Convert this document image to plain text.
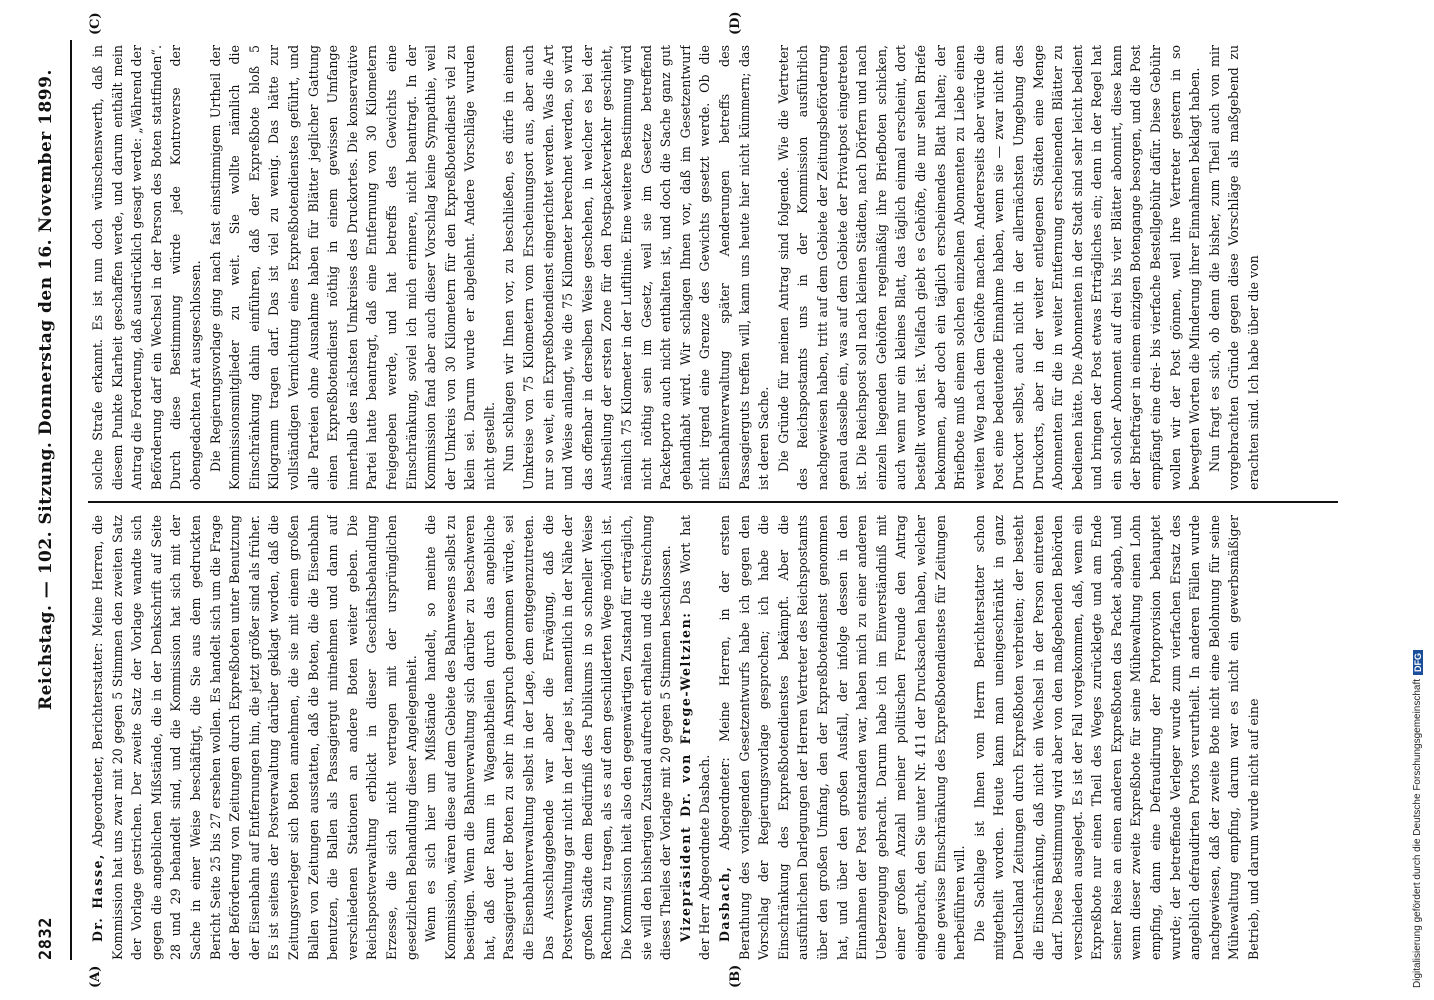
2832
Reichstag. — 102. Sitzung. Donnerstag den 16. November 1899.
(A)	(B)
(C)	(D)

Dr. Hasse, Abgeordneter, Berichterstatter: Meine Herren, die Kommission hat uns zwar mit 20 gegen 5 Stimmen den zweiten Satz der Vorlage gestrichen. Der zweite Satz der Vorlage wandte sich gegen die angeblichen Mißstände, die in der Denkschrift auf Seite 28 und 29 behandelt sind, und die Kommission hat sich mit der Sache in einer Weise beschäftigt, die Sie aus dem gedruckten Bericht Seite 25 bis 27 ersehen wollen. Es handelt sich um die Frage der Beförderung von Zeitungen durch Expreßboten unter Benutzung der Eisenbahn auf Entfernungen hin, die jetzt größer sind als früher. Es ist seitens der Postverwaltung darüber geklagt worden, daß die Zeitungsverleger sich Boten annehmen, die sie mit einem großen Ballen von Zeitungen ausstatten, daß die Boten, die die Eisenbahn benutzen, die Ballen als Passagiergut mitnehmen und dann auf verschiedenen Stationen an andere Boten weiter geben. Die Reichspostverwaltung erblickt in dieser Geschäftsbehandlung Erzesse, die sich nicht vertragen mit der ursprünglichen gesetzlichen Behandlung dieser Angelegenheit. Wenn es sich hier um Mißstände handelt, so meinte die Kommission, wären diese auf dem Gebiete des Bahnwesens selbst zu beseitigen. Wenn die Bahnverwaltung sich darüber zu beschweren hat, daß der Raum in Wagenabtheilen durch das angebliche Passagiergut der Boten zu sehr in Anspruch genommen würde, sei die Eisenbahnverwaltung selbst in der Lage, dem entgegenzutreten. Das Ausschlaggebende war aber die Erwägung, daß die Postverwaltung gar nicht in der Lage ist, namentlich in der Nähe der großen Städte dem Bedürfniß des Publikums in so schneller Weise Rechnung zu tragen, als es auf dem geschilderten Wege möglich ist. Die Kommission hielt also den gegenwärtigen Zustand für erträglich, sie will den bisherigen Zustand aufrecht erhalten und die Streichung dieses Theiles der Vorlage mit 20 gegen 5 Stimmen beschlossen. Vizepräsident Dr. von Frege-Weltzien: Das Wort hat der Herr Abgeordnete Dasbach. Dasbach, Abgeordneter: Meine Herren, in der ersten Berathung des vorliegenden Gesetzentwurfs habe ich gegen den Vorschlag der Regierungsvorlage gesprochen; ich habe die Einschränkung des Expreßbotendienstes bekämpft. Aber die ausführlichen Darlegungen der Herren Vertreter des Reichspostamts über den großen Umfang, den der Expreßbotendienst genommen hat, und über den großen Ausfall, der infolge dessen in den Einnahmen der Post entstanden war, haben mich zu einer anderen Ueberzeugung gebracht. Darum habe ich im Einverständniß mit einer großen Anzahl meiner politischen Freunde den Antrag eingebracht, den Sie unter Nr. 411 der Drucksachen haben, welcher eine gewisse Einschränkung des Expreßbotendienstes für Zeitungen herbeiführen will. Die Sachlage ist Ihnen vom Herrn Berichterstatter schon mitgetheilt worden. Heute kann man uneingeschränkt in ganz Deutschland Zeitungen durch Expreßboten verbreiten; der besteht die Einschränkung, daß nicht ein Wechsel in der Person eintreten darf. Diese Bestimmung wird aber von den maßgebenden Behörden verschieden ausgelegt. Es ist der Fall vorgekommen, daß, wenn ein Expreßbote nur einen Theil des Weges zurücklegte und am Ende seiner Reise an einen anderen Expreßboten das Packet abgab, und wenn dieser zweite Expreßbote für seine Mühewaltung einen Lohn empfing, dann eine Defraudirung der Portoprovision behauptet wurde; der betreffende Verleger wurde zum vierfachen Ersatz des angeblich defraudirten Portos verurtheilt. In anderen Fällen wurde nachgewiesen, daß der zweite Bote nicht eine Belohnung für seine Mühewaltung empfing, darum war es nicht ein gewerbsmäßiger Betrieb, und darum wurde nicht auf eine

solche Strafe erkannt. Es ist nun doch wünschenswerth, daß in diesem Punkte Klarheit geschaffen werde, und darum enthält mein Antrag die Forderung, daß ausdrücklich gesagt werde: „Während der Beförderung darf ein Wechsel in der Person des Boten stattfinden“. Durch diese Bestimmung würde jede Kontroverse der obengedachten Art ausgeschlossen. Die Regierungsvorlage ging nach fast einstimmigem Urtheil der Kommissionsmitglieder zu weit. Sie wollte nämlich die Einschränkung dahin einführen, daß der Expreßbote bloß 5 Kilogramm tragen darf. Das ist viel zu wenig. Das hätte zur vollständigen Vernichtung eines Expreßbotendienstes geführt, und alle Parteien ohne Ausnahme haben für Blätter jeglicher Gattung einen Expreßbotendienst nöthig in einem gewissen Umfange innerhalb des nächsten Umkreises des Druckortes. Die konservative Partei hatte beantragt, daß eine Entfernung von 30 Kilometern freigegeben werde, und hat betreffs des Gewichts eine Einschränkung, soviel ich mich erinnere, nicht beantragt. In der Kommission fand aber auch dieser Vorschlag keine Sympathie, weil der Umkreis von 30 Kilometern für den Expreßbotendienst viel zu klein sei. Darum wurde er abgelehnt. Andere Vorschläge wurden nicht gestellt. Nun schlagen wir Ihnen vor, zu beschließen, es dürfe in einem Umkreise von 75 Kilometern vom Erscheinungsort aus, aber auch nur so weit, ein Expreßbotendienst eingerichtet werden. Was die Art und Weise anlangt, wie die 75 Kilometer berechnet werden, so wird das offenbar in derselben Weise geschehen, in welcher es bei der Austheilung der ersten Zone für den Postpacketverkehr geschieht, nämlich 75 Kilometer in der Luftlinie. Eine weitere Bestimmung wird nicht nöthig sein im Gesetz, weil sie im Gesetze betreffend Packetporto auch nicht enthalten ist, und doch die Sache ganz gut gehandhabt wird. Wir schlagen Ihnen vor, daß im Gesetzentwurf nicht irgend eine Grenze des Gewichts gesetzt werde. Ob die Eisenbahnverwaltung später Aenderungen betreffs des Passagierguts treffen will, kann uns heute hier nicht kümmern; das ist deren Sache. Die Gründe für meinen Antrag sind folgende. Wie die Vertreter des Reichspostamts uns in der Kommission ausführlich nachgewiesen haben, tritt auf dem Gebiete der Zeitungsbeförderung genau dasselbe ein, was auf dem Gebiete der Privatpost eingetreten ist. Die Reichspost soll nach kleinen Städten, nach Dörfern und nach einzeln liegenden Gehöften regelmäßig ihre Briefboten schicken, auch wenn nur ein kleines Blatt, das täglich einmal erscheint, dort bestellt worden ist. Vielfach giebt es Gehöfte, die nur selten Briefe bekommen, aber doch ein täglich erscheinendes Blatt halten; der Briefbote muß einem solchen einzelnen Abonnenten zu Liebe einen weiten Weg nach dem Gehöfte machen. Andererseits aber würde die Post eine bedeutende Einnahme haben, wenn sie — zwar nicht am Druckort selbst, auch nicht in der allernächsten Umgebung des Druckorts, aber in der weiter entlegenen Städten eine Menge Abonnenten für die in weiter Entfernung erscheinenden Blätter zu bedienen hätte. Die Abonnenten in der Stadt sind sehr leicht bedient und bringen der Post etwas Erträgliches ein; denn in der Regel hat ein solcher Abonnent auf drei bis vier Blätter abonnirt, diese kann der Briefträger in einem einzigen Botengange besorgen, und die Post empfängt eine drei- bis vierfache Bestellgebühr dafür. Diese Gebühr wollen wir der Post gönnen, weil ihre Vertreter gestern in so bewegten Worten die Minderung ihrer Einnahmen beklagt haben. Nun fragt es sich, ob denn die bisher, zum Theil auch von mir vorgebrachten Gründe gegen diese Vorschläge als maßgebend zu erachten sind. Ich habe über die von

Digitalisierung gefördert durch die Deutsche Forschungsgemeinschaft
DFG
